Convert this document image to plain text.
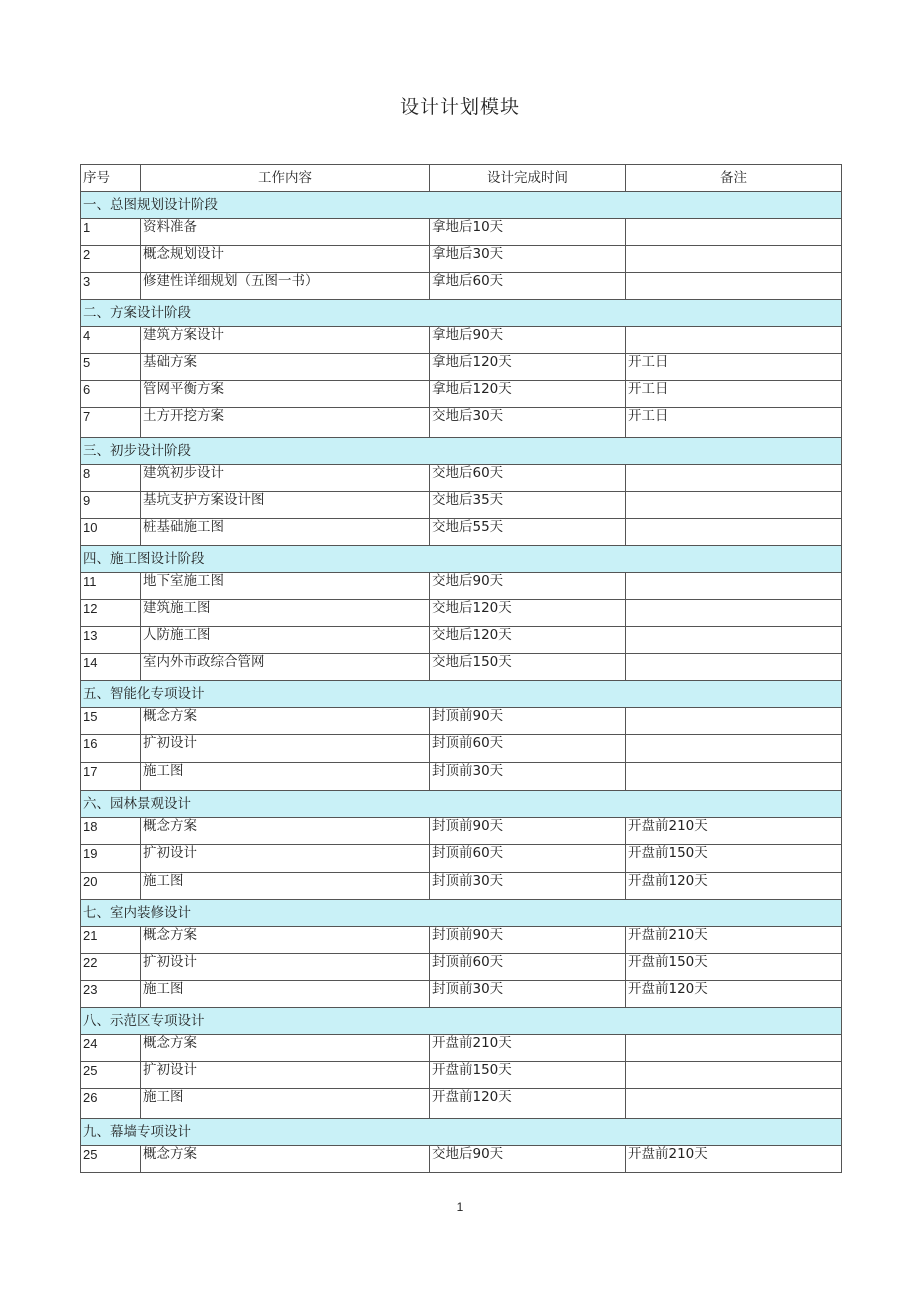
设计计划模块
序号	工作内容	设计完成时间	备注
一、总图规划设计阶段			
1	资料准备	拿地后10天	
2	概念规划设计	拿地后30天	
3	修建性详细规划（五图一书）	拿地后60天	
二、方案设计阶段			
4	建筑方案设计	拿地后90天	
5	基础方案	拿地后120天	开工日
6	管网平衡方案	拿地后120天	开工日
7	土方开挖方案	交地后30天	开工日
三、初步设计阶段			
8	建筑初步设计	交地后60天	
9	基坑支护方案设计图	交地后35天	
10	桩基础施工图	交地后55天	
四、施工图设计阶段			
11	地下室施工图	交地后90天	
12	建筑施工图	交地后120天	
13	人防施工图	交地后120天	
14	室内外市政综合管网	交地后150天	
五、智能化专项设计			
15	概念方案	封顶前90天	
16	扩初设计	封顶前60天	
17	施工图	封顶前30天	
六、园林景观设计			
18	概念方案	封顶前90天	开盘前210天
19	扩初设计	封顶前60天	开盘前150天
20	施工图	封顶前30天	开盘前120天
七、室内装修设计			
21	概念方案	封顶前90天	开盘前210天
22	扩初设计	封顶前60天	开盘前150天
23	施工图	封顶前30天	开盘前120天
八、示范区专项设计			
24	概念方案	开盘前210天	
25	扩初设计	开盘前150天	
26	施工图	开盘前120天	
九、幕墙专项设计			
25	概念方案	交地后90天	开盘前210天
1
